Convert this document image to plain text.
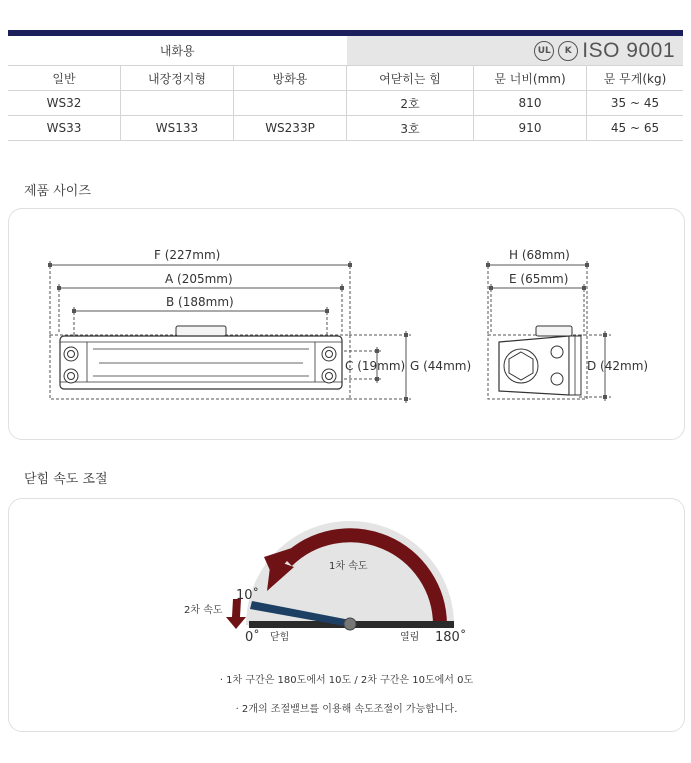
내화용			UL K ISO 9001		

일반	내장정지형	방화용	여닫히는 힘	문 너비(mm)	문 무게(kg)
WS32			2호	810	35 ~ 45
WS33	WS133	WS233P	3호	910	45 ~ 65
제품 사이즈
F (227mm)
A (205mm)
B (188mm)
C (19mm) G (44mm)
H (68mm)
E (65mm)
D (42mm)
닫힘 속도 조절
1차 속도
2차 속도
10˚
0˚	180˚
닫힘	열림
· 1차 구간은 180도에서 10도 / 2차 구간은 10도에서 0도
· 2개의 조절밸브를 이용해 속도조절이 가능합니다.
